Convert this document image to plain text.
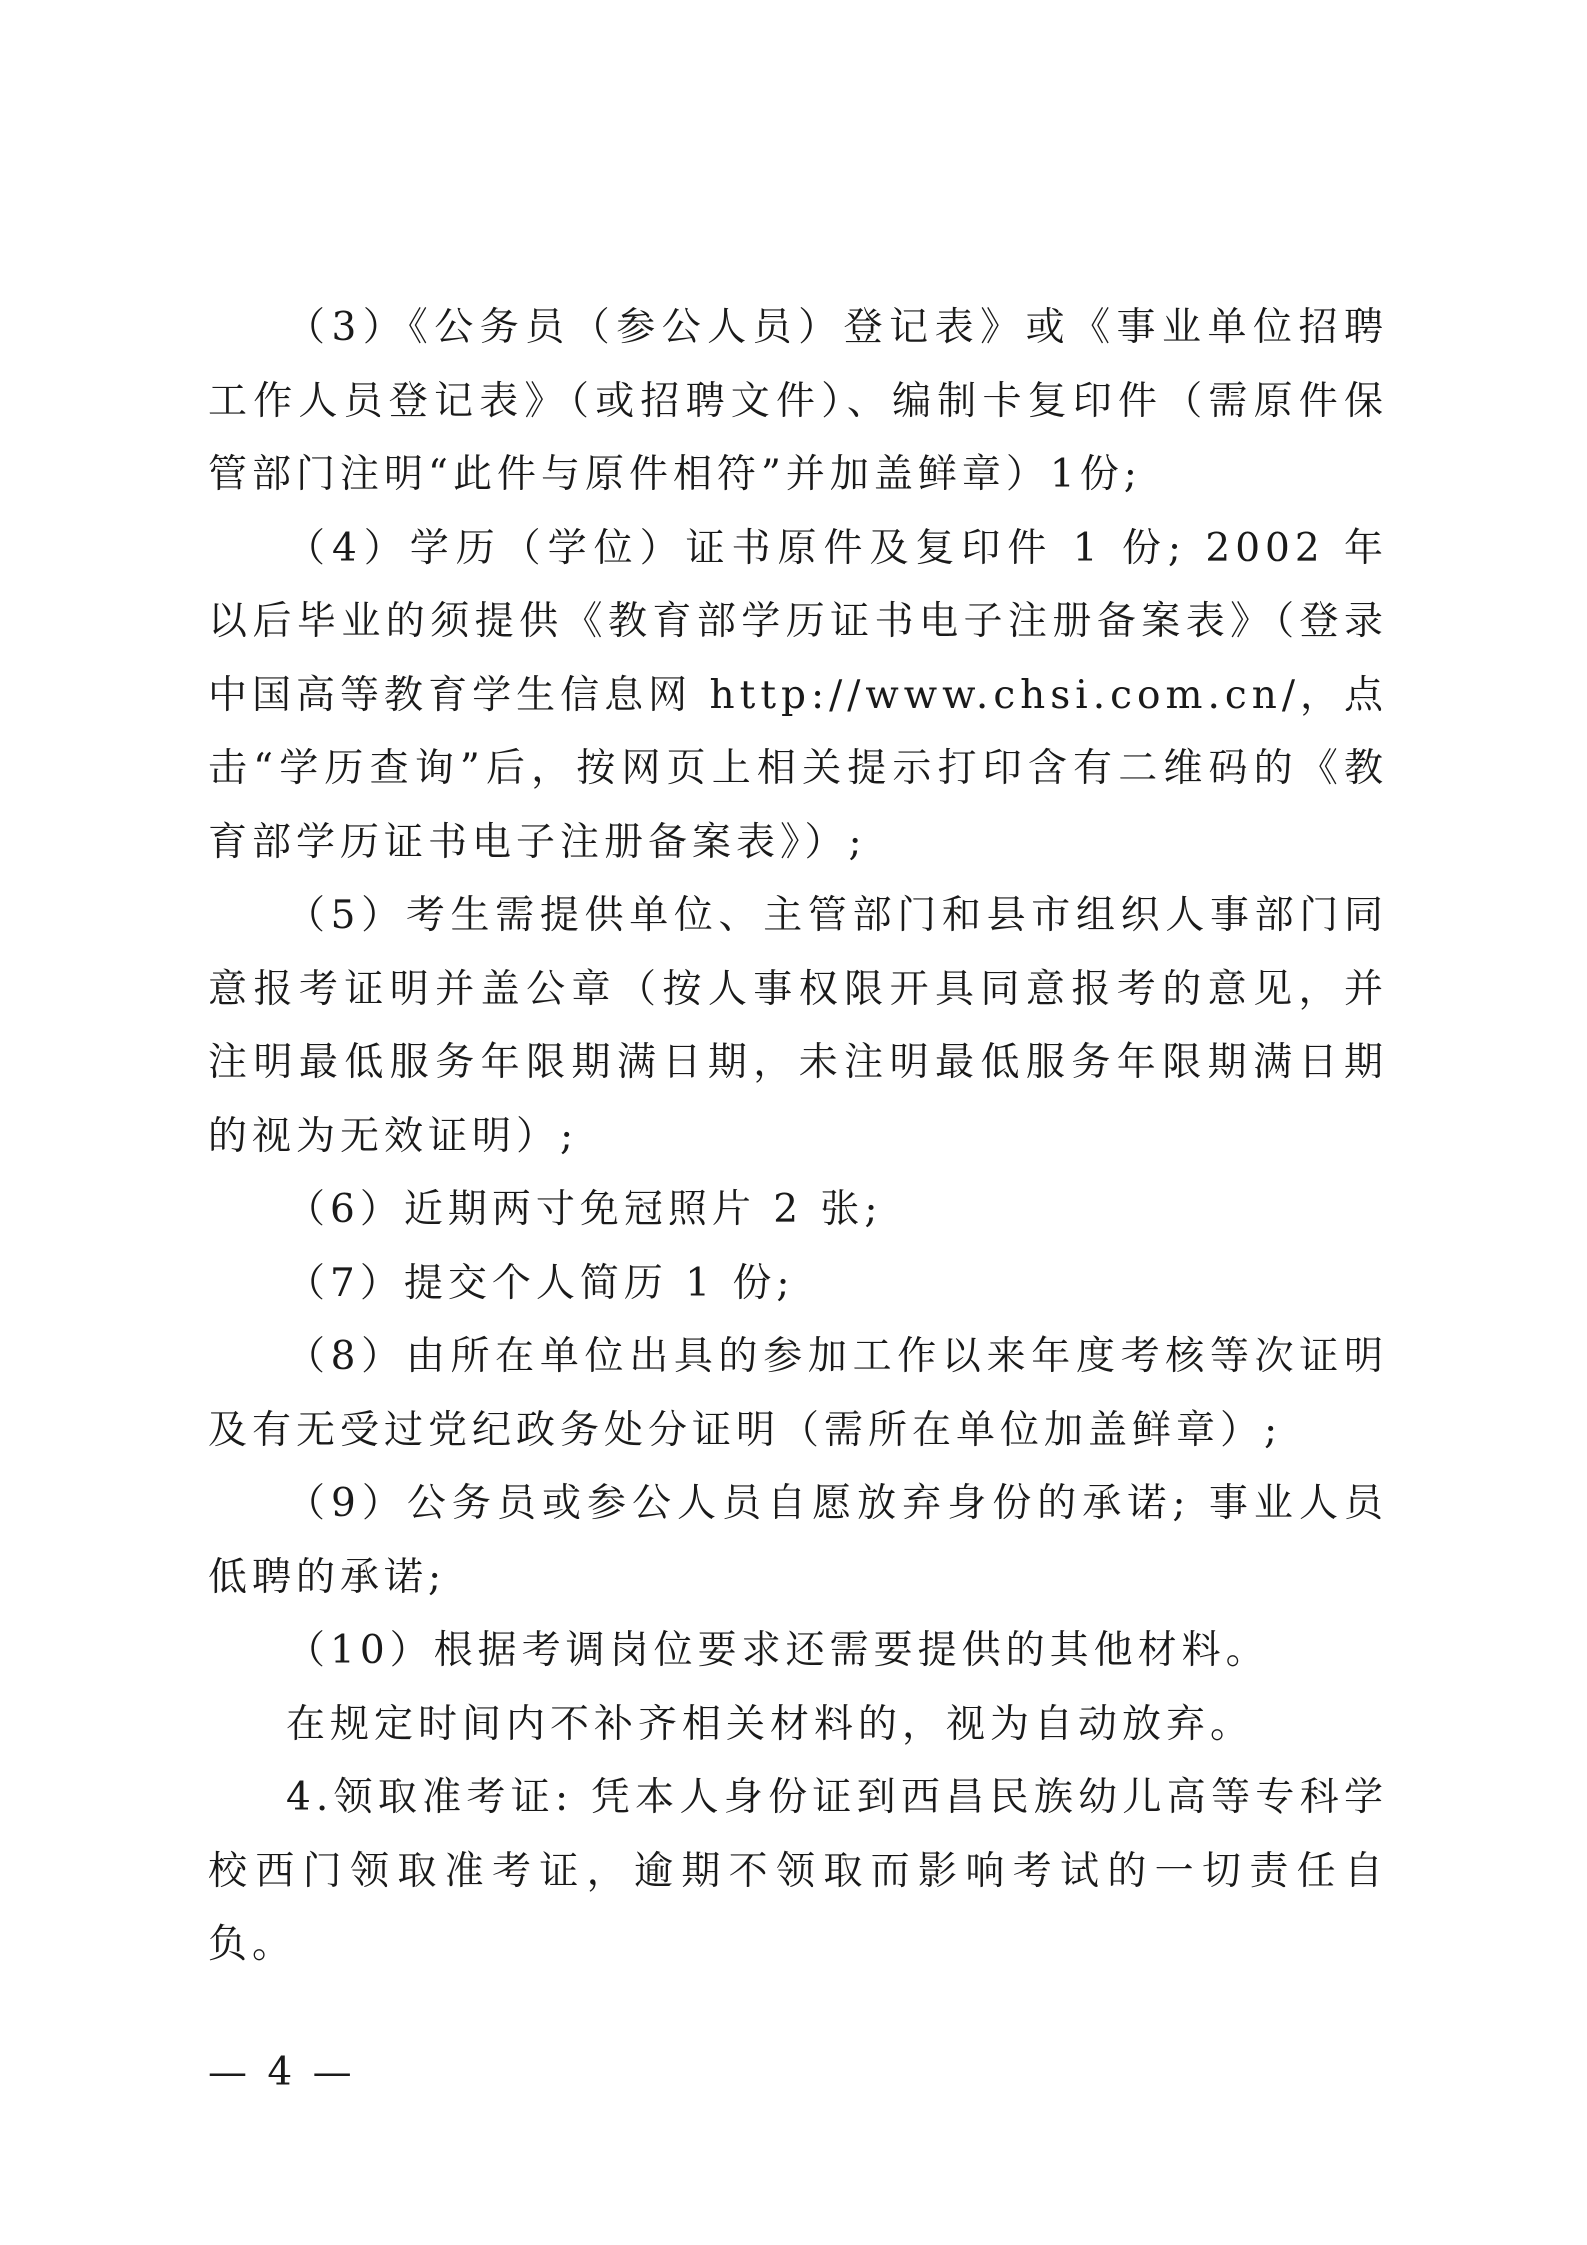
（3）《公务员（参公人员）登记表》或《事业单位招聘工作人员登记表》（或招聘文件）、编制卡复印件（需原件保管部门注明“此件与原件相符”并加盖鲜章）1份;

（4）学历（学位）证书原件及复印件 1 份; 2002 年以后毕业的须提供《教育部学历证书电子注册备案表》（登录中国高等教育学生信息网 http://www.chsi.com.cn/，点击“学历查询”后，按网页上相关提示打印含有二维码的《教育部学历证书电子注册备案表》）;

（5）考生需提供单位、主管部门和县市组织人事部门同意报考证明并盖公章（按人事权限开具同意报考的意见，并注明最低服务年限期满日期，未注明最低服务年限期满日期的视为无效证明）;

（6）近期两寸免冠照片 2 张;

（7）提交个人简历 1 份;

（8）由所在单位出具的参加工作以来年度考核等次证明及有无受过党纪政务处分证明（需所在单位加盖鲜章）;

（9）公务员或参公人员自愿放弃身份的承诺; 事业人员低聘的承诺;

（10）根据考调岗位要求还需要提供的其他材料。

在规定时间内不补齐相关材料的，视为自动放弃。

4.领取准考证: 凭本人身份证到西昌民族幼儿高等专科学校西门领取准考证，逾期不领取而影响考试的一切责任自负。

— 4 —
